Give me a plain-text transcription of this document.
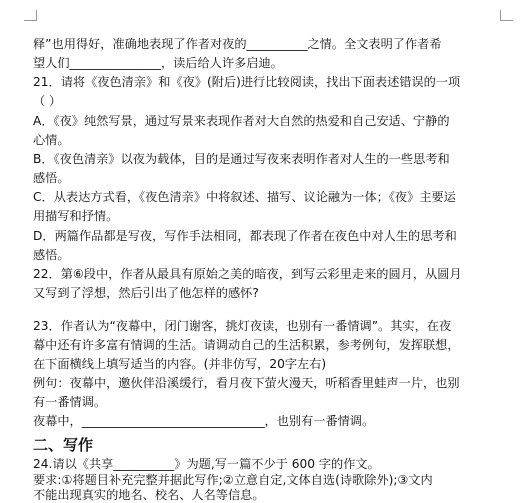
释”也用得好，准确地表现了作者对夜的__________之情。全文表明了作者希
望人们_______________，读后给人许多启迪。
21．请将《夜色清亲》和《夜》(附后)进行比较阅读，找出下面表述错误的一项
（ ）
A．《夜》纯然写景，通过写景来表现作者对大自然的热爱和自己安适、宁静的
心情。
B．《夜色清亲》以夜为载体，目的是通过写夜来表明作者对人生的一些思考和
感悟。
C．从表达方式看，《夜色清亲》中将叙述、描写、议论融为一体；《夜》主要运
用描写和抒情。
D．两篇作品都是写夜，写作手法相同，都表现了作者在夜色中对人生的思考和
感悟。
22．第⑥段中，作者从最具有原始之美的暗夜，到写云彩里走来的圆月，从圆月
又写到了浮想，然后引出了他怎样的感怀?
23．作者认为“夜幕中，闭门谢客，挑灯夜读，也别有一番情调”。其实，在夜
幕中还有许多富有情调的生活。请调动自己的生活积累，参考例句，发挥联想，
在下面横线上填写适当的内容。(并非仿写，20字左右)
例句：夜幕中，邀伙伴沿溪缓行，看月夜下萤火漫天，听稻香里蛙声一片，也别
有一番情调。
夜幕中，______________________________，也别有一番情调。
二、写作
24.请以《共享__________》为题,写一篇不少于 600 字的作文。
要求:①将题目补充完整并据此写作;②立意自定,文体自选(诗歌除外);③文内
不能出现真实的地名、校名、人名等信息。
